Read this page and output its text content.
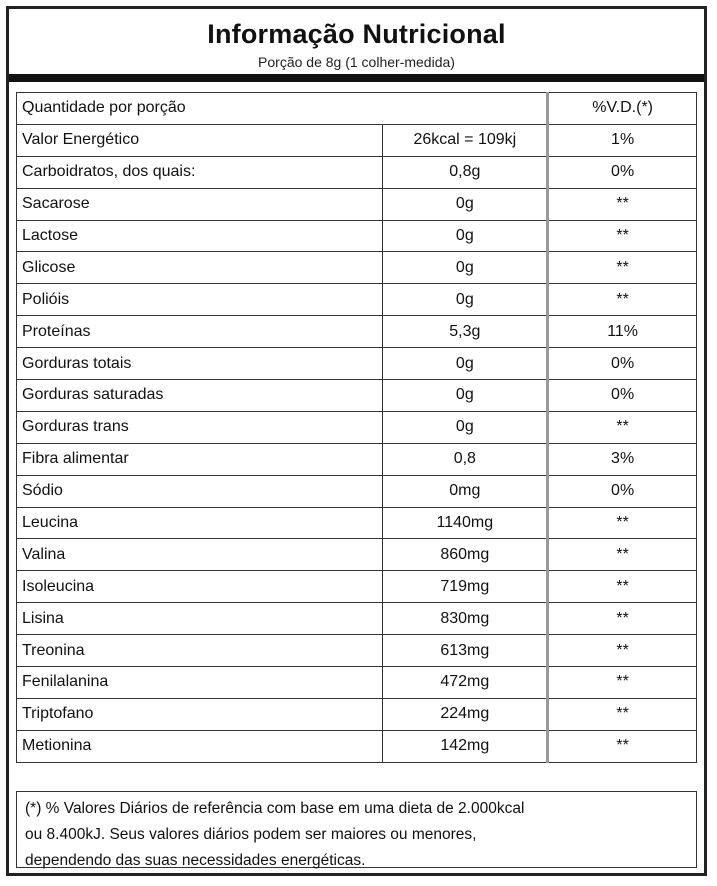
Informação Nutricional
Porção de 8g (1 colher-medida)
Quantidade por porção		%V.D.(*)
Valor Energético	26kcal = 109kj	1%
Carboidratos, dos quais:	0,8g	0%
Sacarose	0g	**
Lactose	0g	**
Glicose	0g	**
Polióis	0g	**
Proteínas	5,3g	11%
Gorduras totais	0g	0%
Gorduras saturadas	0g	0%
Gorduras trans	0g	**
Fibra alimentar	0,8	3%
Sódio	0mg	0%
Leucina	1140mg	**
Valina	860mg	**
Isoleucina	719mg	**
Lisina	830mg	**
Treonina	613mg	**
Fenilalanina	472mg	**
Triptofano	224mg	**
Metionina	142mg	**
(*) % Valores Diários de referência com base em uma dieta de 2.000kcal
ou 8.400kJ. Seus valores diários podem ser maiores ou menores,
dependendo das suas necessidades energéticas.
